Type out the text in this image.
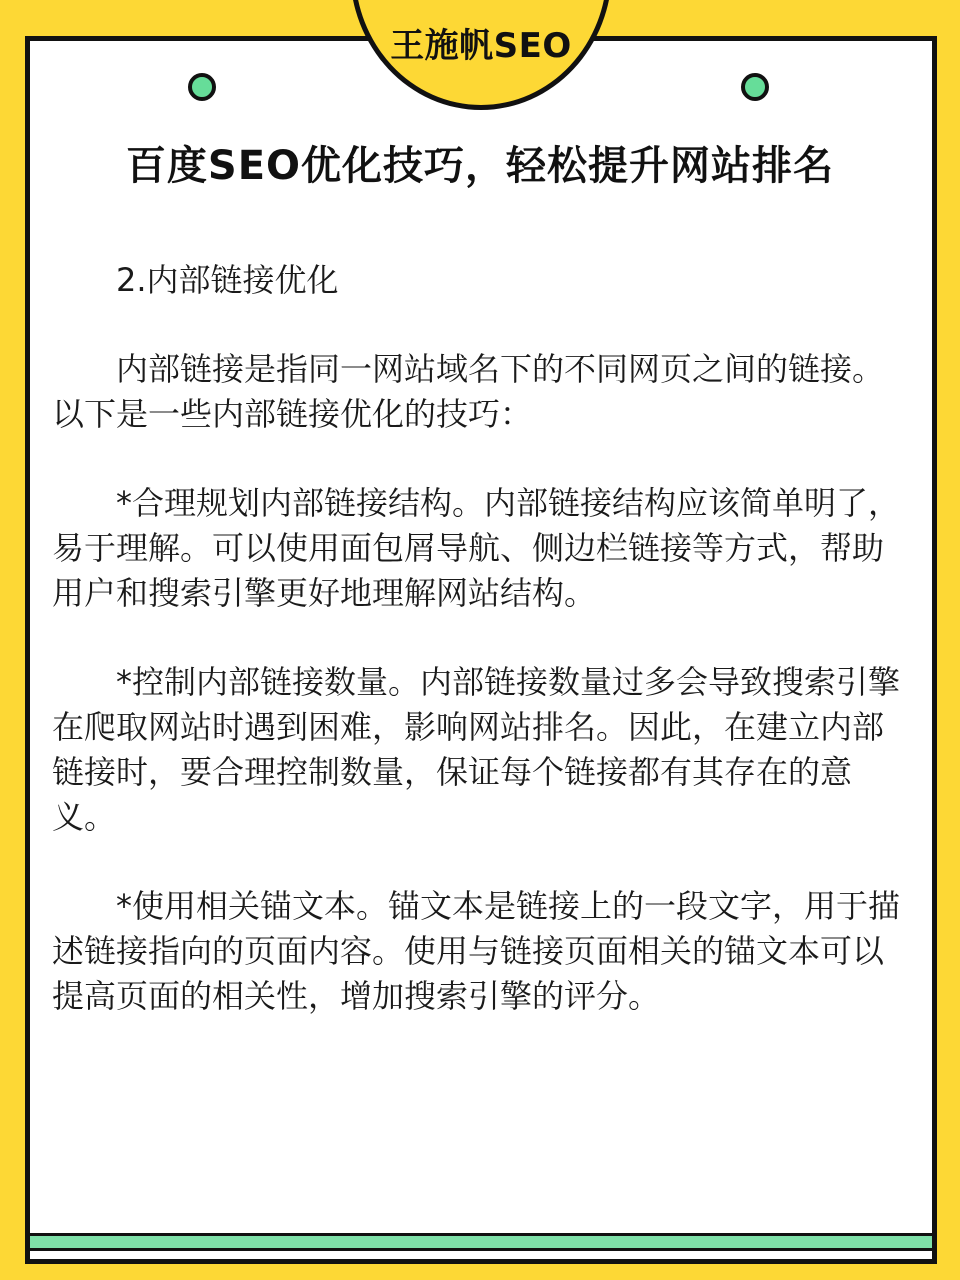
王施帆SEO
百度SEO优化技巧，轻松提升网站排名

2.内部链接优化

内部链接是指同一网站域名下的不同网页之间的链接。以下是一些内部链接优化的技巧：

*合理规划内部链接结构。内部链接结构应该简单明了，易于理解。可以使用面包屑导航、侧边栏链接等方式，帮助用户和搜索引擎更好地理解网站结构。

*控制内部链接数量。内部链接数量过多会导致搜索引擎在爬取网站时遇到困难，影响网站排名。因此，在建立内部链接时，要合理控制数量，保证每个链接都有其存在的意义。

*使用相关锚文本。锚文本是链接上的一段文字，用于描述链接指向的页面内容。使用与链接页面相关的锚文本可以提高页面的相关性，增加搜索引擎的评分。
